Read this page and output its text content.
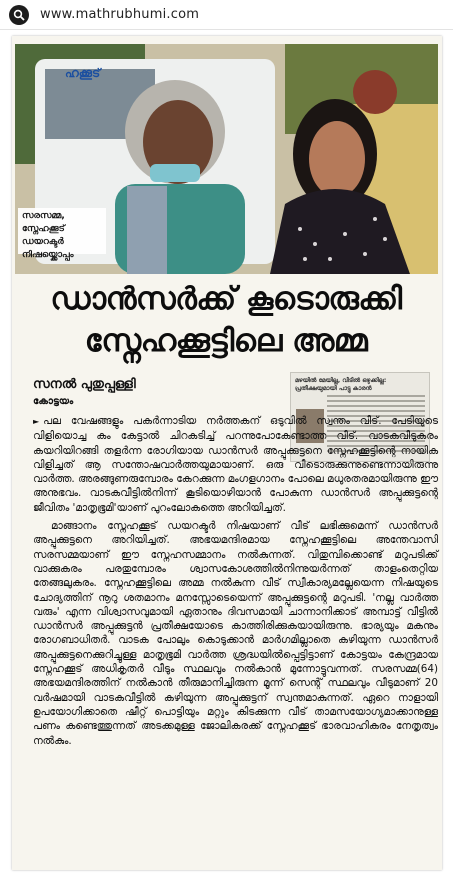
www.mathrubhumi.com
ഹക്കൂട്
സരസമ്മ, സ്നേഹക്കൂട് ഡയറക്ടർ നിഷയ്ക്കൊപ്പം
ഡാൻസർക്ക് കൂടൊരുക്കി സ്നേഹക്കൂട്ടിലെ അമ്മ
സനൽ പുതുപ്പള്ളി
കോട്ടയം
മഴയിൽ മേയില്ല, വീടിൽ ഒഴുക്കില്ല: പ്രതീക്ഷയുമായി പാട്ടു കാരൻ

► പല വേഷങ്ങളും പകർന്നാടിയ നർത്തകന് ഒടുവിൽ സ്വന്തം വീട്. പേടിയുടെ വിളിയൊച്ച കം കേട്ടാൽ ചിറകടിച്ച് പറന്നുപോകേണ്ടാത്ത വീട്. വാടകവീടുകരം കയറിയിറങ്ങി തളർന്ന രോഗിയായ ഡാൻസർ അപ്പുക്കുട്ടനെ സ്നേഹക്കൂട്ടിന്റെ നായിക വിളിച്ചത് ആ സന്തോഷവാർത്തയുമായാണ്. ഒരു വീടൊരുക്കുന്നുണ്ടെന്നായിരുന്നു വാർത്ത. അരങ്ങുണരുമ്പോരം കേറക്കുന്ന മംഗളഗാനം പോലെ മധുരതരമായിരുന്നു ഈ അനുഭവം. വാടകവീട്ടിൽനിന്ന് കൂടിയൊഴിയാൻ പോകുന്ന ഡാൻസർ അപ്പുക്കുട്ടന്റെ ജീവിതം 'മാതൃഭൂമി'യാണ് പുറംലോകത്തെ അറിയിച്ചത്.

മാങ്ങാനം സ്നേഹക്കൂട് ഡയറക്ടർ നിഷയാണ് വീട് ലഭിക്കുമെന്ന് ഡാൻസർ അപ്പുക്കുട്ടനെ അറിയിച്ചത്. അഭയമന്ദിരമായ സ്നേഹക്കൂട്ടിലെ അന്തേവാസി സരസമ്മയാണ് ഈ സ്നേഹസമ്മാനം നൽകുന്നത്. വിതുമ്പിക്കൊണ്ട് മറുപടിക്ക് വാക്കുകരം പരതുമ്പോരം ശ്വാസകോശത്തിൽനിന്നുയർന്നത് താളംതെറ്റിയ തേങ്ങലുകരം. സ്നേഹക്കൂട്ടിലെ അമ്മ നൽകുന്ന വീട് സ്വീകാര്യമല്ലേയെന്ന നിഷയുടെ ചോദ്യത്തിന് നൂറു ശതമാനം മനസ്സോടെയെന്ന് അപ്പുക്കുട്ടന്റെ മറുപടി. 'നല്ല വാർത്ത വരും' എന്ന വിശ്വാസവുമായി ഏതാനും ദിവസമായി ചാന്നാനിക്കാട് അമ്പാട്ട് വീട്ടിൽ ഡാൻസർ അപ്പുക്കുട്ടൻ പ്രതീക്ഷയോടെ കാത്തിരിക്കുകയായിരുന്നു. ഭാര്യയും മകനും രോഗബാധിതർ. വാടക പോലും കൊടുക്കാൻ മാർഗമില്ലാതെ കഴിയുന്ന ഡാൻസർ അപ്പുക്കുട്ടനെക്കുറിച്ചുള്ള മാതൃഭൂമി വാർത്ത ശ്രദ്ധയിൽപ്പെട്ടിട്ടാണ് കോട്ടയം കേന്ദ്രമായ സ്നേഹക്കൂട് അധികൃതർ വീടും സ്ഥലവും നൽകാൻ മുന്നോട്ടുവന്നത്. സരസമ്മ(64) അഭയമന്ദിരത്തിന് നൽകാൻ തീരുമാനിച്ചിരുന്ന മൂന്ന് സെന്റ് സ്ഥലവും വീടുമാണ് 20 വർഷമായി വാടകവീട്ടിൽ കഴിയുന്ന അപ്പുക്കുട്ടന് സ്വന്തമാകുന്നത്. ഏറെ നാളായി ഉപയോഗിക്കാതെ ഷീറ്റ് പൊട്ടിയും മറ്റും കിടക്കുന്ന വീട് താമസയോഗ്യമാക്കാനുള്ള പണം കണ്ടെത്തുന്നത് അടക്കമുള്ള ജോലികരക്ക് സ്നേഹക്കൂട് ഭാരവാഹികരം നേതൃത്വം നൽകും.
